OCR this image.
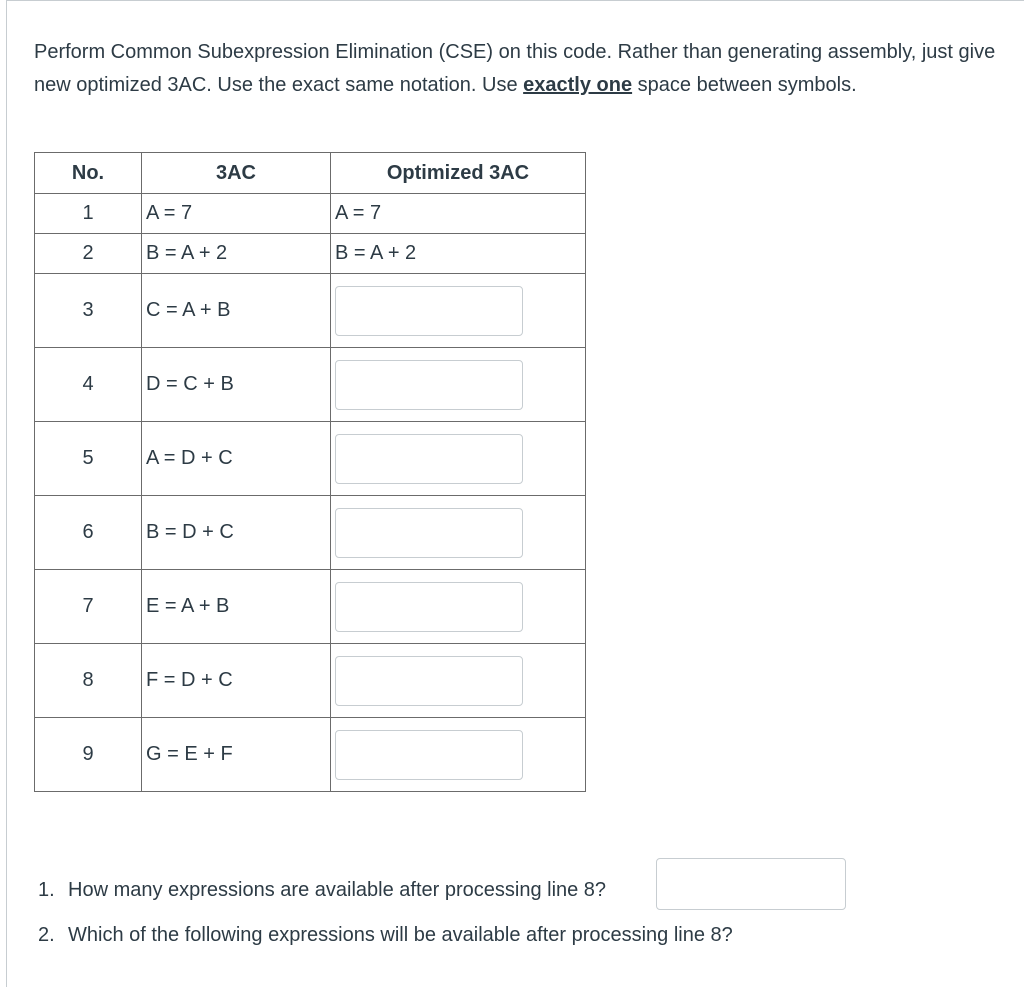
Perform Common Subexpression Elimination (CSE) on this code. Rather than generating assembly, just give new optimized 3AC. Use the exact same notation. Use exactly one space between symbols.

No.	3AC	Optimized 3AC
1	A = 7	A = 7
2	B = A + 2	B = A + 2
3	C = A + B	
4	D = C + B	
5	A = D + C	
6	B = D + C	
7	E = A + B	
8	F = D + C	
9	G = E + F	
1. How many expressions are available after processing line 8?
2. Which of the following expressions will be available after processing line 8?
